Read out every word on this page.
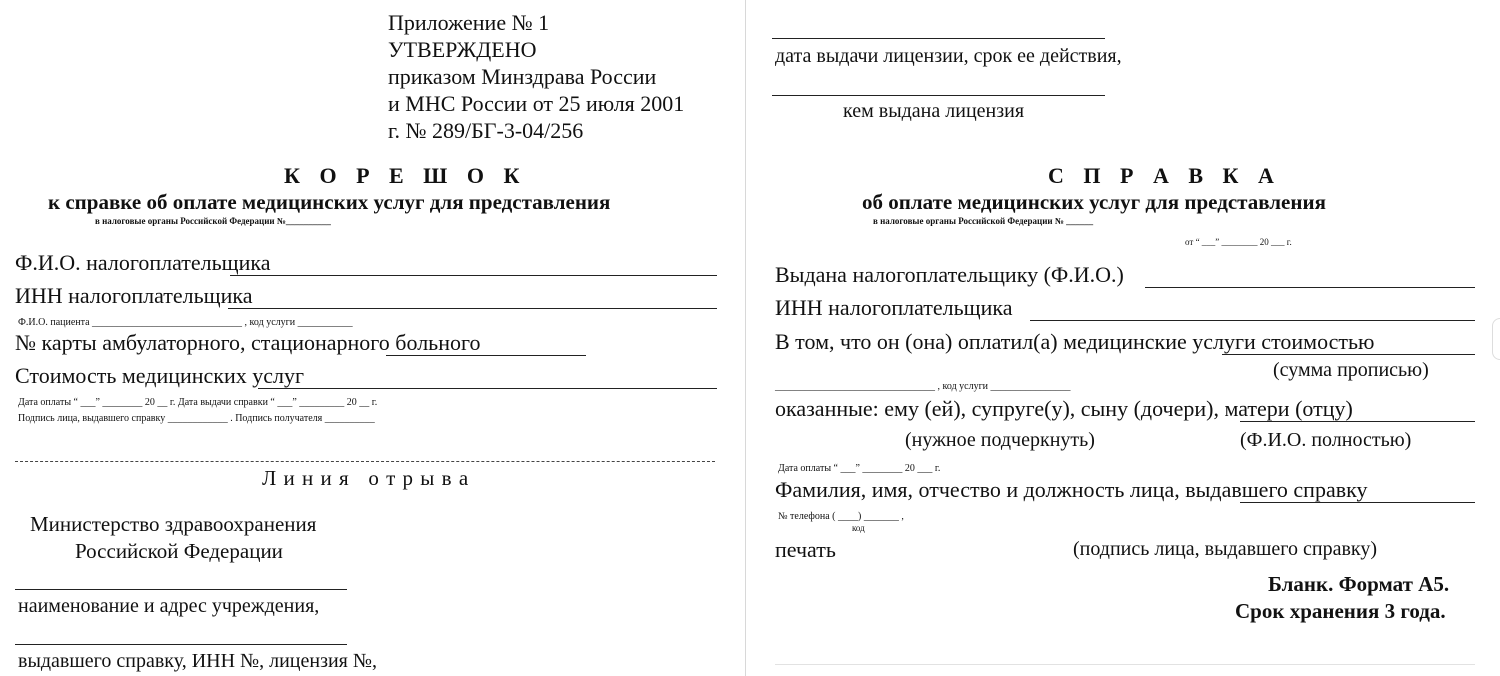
Приложение № 1
УТВЕРЖДЕНО
приказом Минздрава России
и МНС России от 25 июля 2001
г. № 289/БГ-3-04/256
К О Р Е Ш О К
к справке об оплате медицинских услуг для представления
в налоговые органы Российской Федерации №__________
Ф.И.О. налогоплательщика
ИНН налогоплательщика
Ф.И.О. пациента ______________________________ , код услуги ___________
№ карты амбулаторного, стационарного больного
Стоимость медицинских услуг
Дата оплаты “ ___” ________ 20 __ г. Дата выдачи справки “ ___” _________ 20 __ г.
Подпись лица, выдавшего справку ____________ . Подпись получателя __________
Л и н и я   о т р ы в а
Министерство здравоохранения
Российской Федерации
наименование и адрес учреждения,
выдавшего справку, ИНН №, лицензия №,
дата выдачи лицензии, срок ее действия,
кем выдана лицензия
С П Р А В К А
об оплате медицинских услуг для представления
в налоговые органы Российской Федерации № ______
от “ ___” ________ 20 ___ г.
Выдана налогоплательщику (Ф.И.О.)
ИНН налогоплательщика
В том, что он (она) оплатил(а) медицинские услуги стоимостью
(сумма прописью)
________________________________ , код услуги ________________
оказанные: ему (ей), супруге(у), сыну (дочери), матери (отцу)
(нужное подчеркнуть)	(Ф.И.О. полностью)
Дата оплаты “ ___” ________ 20 ___ г.
Фамилия, имя, отчество и должность лица, выдавшего справку
№ телефона ( ____) _______ ,
код
печать	(подпись лица, выдавшего справку)
Бланк. Формат А5.
Срок хранения 3 года.
